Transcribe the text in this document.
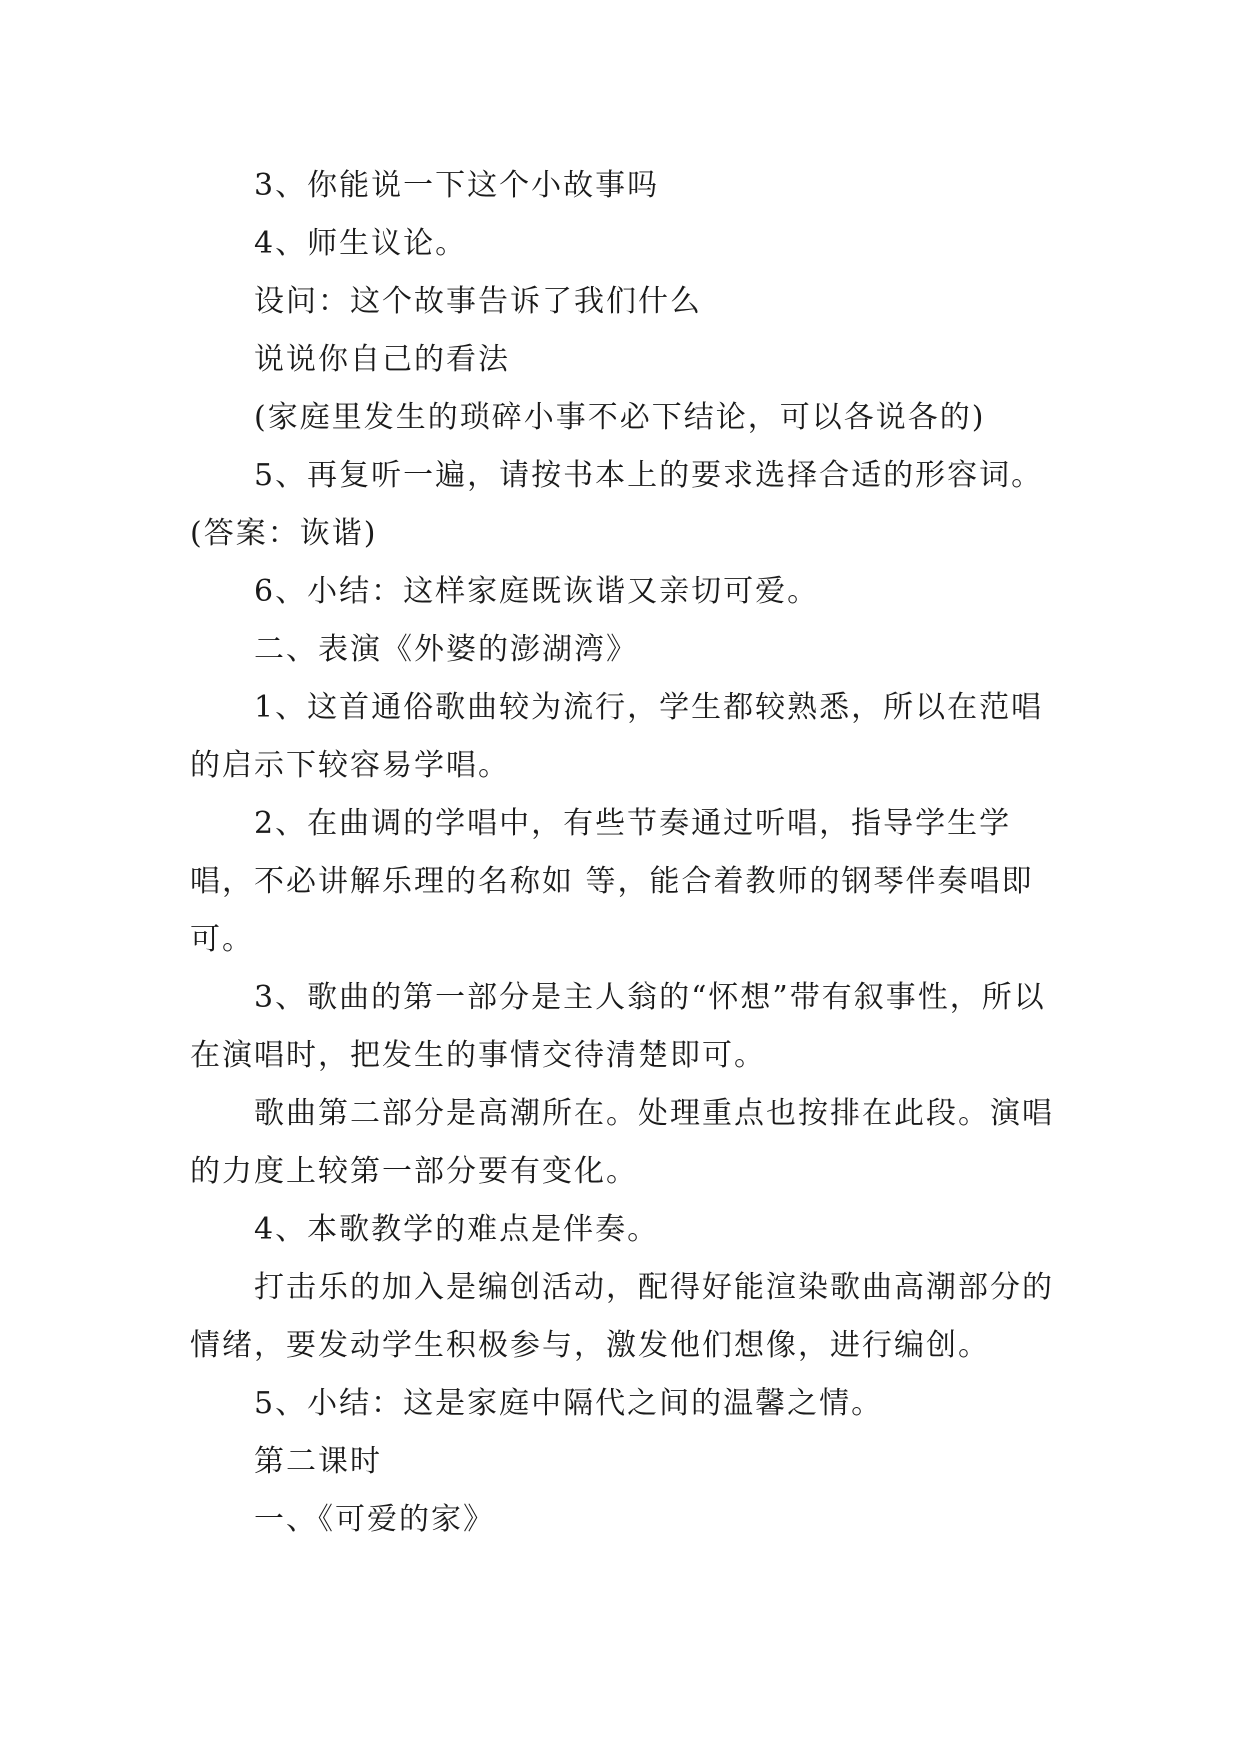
3、你能说一下这个小故事吗

4、师生议论。

设问：这个故事告诉了我们什么

说说你自己的看法

(家庭里发生的琐碎小事不必下结论，可以各说各的)

5、再复听一遍，请按书本上的要求选择合适的形容词。(答案：诙谐)

6、小结：这样家庭既诙谐又亲切可爱。

二、表演《外婆的澎湖湾》

1、这首通俗歌曲较为流行，学生都较熟悉，所以在范唱的启示下较容易学唱。

2、在曲调的学唱中，有些节奏通过听唱，指导学生学唱，不必讲解乐理的名称如 等，能合着教师的钢琴伴奏唱即可。

3、歌曲的第一部分是主人翁的“怀想”带有叙事性，所以在演唱时，把发生的事情交待清楚即可。

歌曲第二部分是高潮所在。处理重点也按排在此段。演唱的力度上较第一部分要有变化。

4、本歌教学的难点是伴奏。

打击乐的加入是编创活动，配得好能渲染歌曲高潮部分的情绪，要发动学生积极参与，激发他们想像，进行编创。

5、小结：这是家庭中隔代之间的温馨之情。

第二课时

一、《可爱的家》
